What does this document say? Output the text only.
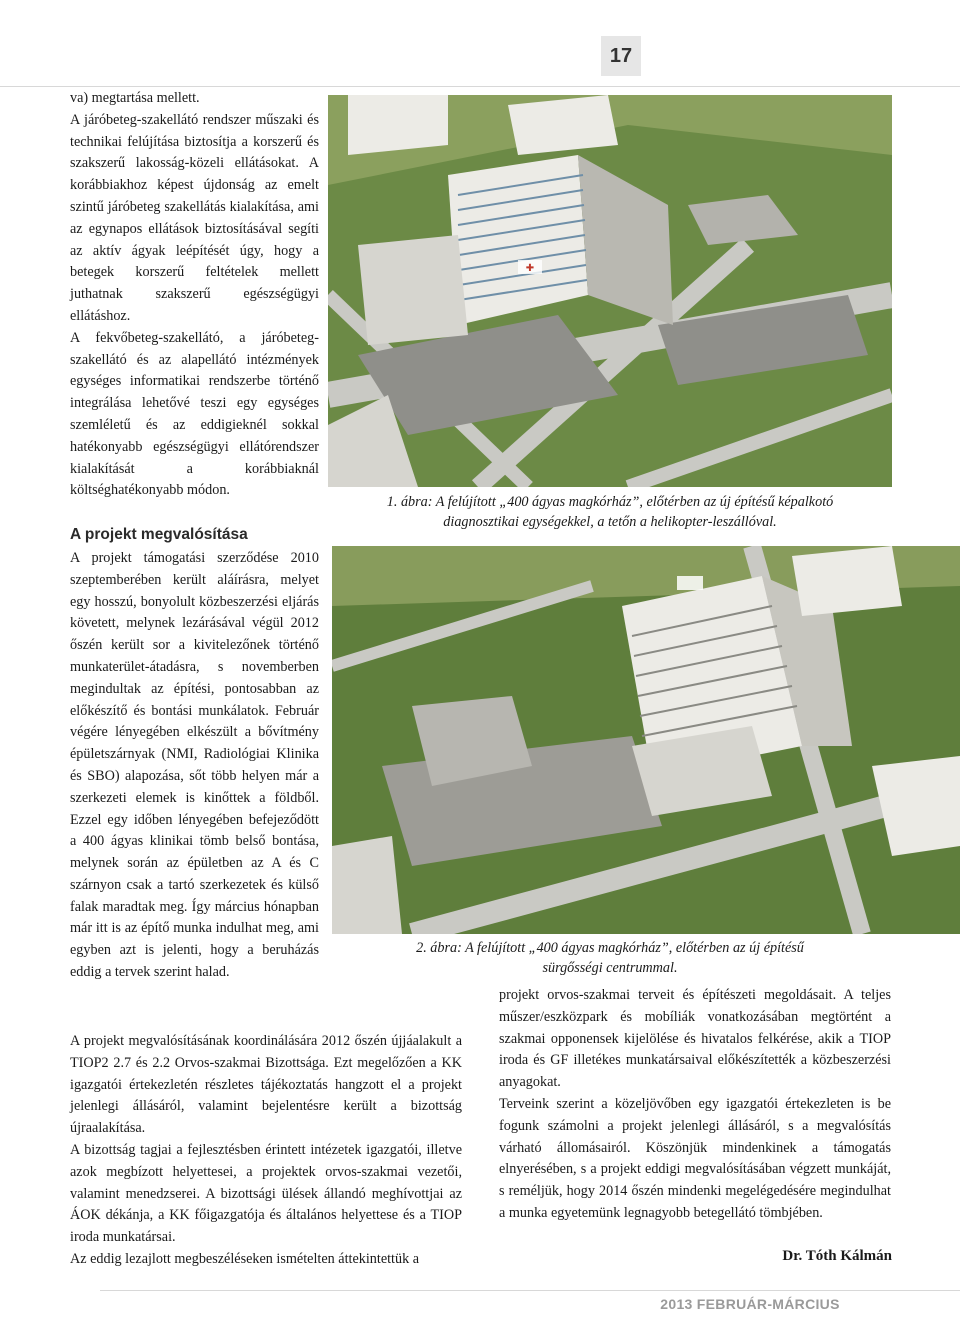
17

va) megtartása mellett.

A járóbeteg-szakellátó rendszer műszaki és technikai felújítása biztosítja a korszerű és szakszerű lakosság-közeli ellátásokat. A korábbiakhoz képest újdonság az emelt szintű járóbeteg szakellátás kialakítása, ami az egynapos ellátások biztosításával segíti az aktív ágyak leépítését úgy, hogy a betegek korszerű feltételek mellett juthatnak szakszerű egészségügyi ellátáshoz.

A fekvőbeteg-szakellátó, a járóbeteg-szakellátó és az alapellátó intézmények egységes informatikai rendszerbe történő integrálása lehetővé teszi egy egységes szemléletű és az eddigieknél sokkal hatékonyabb egészségügyi ellátórendszer kialakítását a korábbiaknál költséghatékonyabb módon.

A projekt megvalósítása

A projekt támogatási szerződése 2010 szeptemberében került aláírásra, melyet egy hosszú, bonyolult közbeszerzési eljárás követett, melynek lezárásával végül 2012 őszén került sor a kivitelezőnek történő munkaterület-átadásra, s novemberben megindultak az építési, pontosabban az előkészítő és bontási munkálatok. Február végére lényegében elkészült a bővítmény épületszárnyak (NMI, Radiológiai Klinika és SBO) alapozása, sőt több helyen már a szerkezeti elemek is kinőttek a földből. Ezzel egy időben lényegében befejeződött a 400 ágyas klinikai tömb belső bontása, melynek során az épületben az A és C szárnyon csak a tartó szerkezetek és külső falak maradtak meg. Így március hónapban már itt is az építő munka indulhat meg, ami egyben azt is jelenti, hogy a beruházás eddig a tervek szerint halad.

✚
1. ábra: A felújított „400 ágyas magkórház”, előtérben az új építésű képalkotó
diagnosztikai egységekkel, a tetőn a helikopter-leszállóval.
2. ábra: A felújított „400 ágyas magkórház”, előtérben az új építésű
sürgősségi centrummal.

A projekt megvalósításának koordinálására 2012 őszén újjáalakult a TIOP2 2.7 és 2.2 Orvos-szakmai Bizottsága. Ezt megelőzően a KK igazgatói értekezletén részletes tájékoztatás hangzott el a projekt jelenlegi állásáról, valamint bejelentésre került a bizottság újraalakítása.

A bizottság tagjai a fejlesztésben érintett intézetek igazgatói, illetve azok megbízott helyettesei, a projektek orvos-szakmai vezetői, valamint menedzserei. A bizottsági ülések állandó meghívottjai az ÁOK dékánja, a KK főigazgatója és általános helyettese és a TIOP iroda munkatársai.

Az eddig lezajlott megbeszéléseken ismételten áttekintettük a

projekt orvos-szakmai terveit és építészeti megoldásait. A teljes műszer/eszközpark és mobíliák vonatkozásában megtörtént a szakmai opponensek kijelölése és hivatalos felkérése, akik a TIOP iroda és GF illetékes munkatársaival előkészítették a közbeszerzési anyagokat.

Terveink szerint a közeljövőben egy igazgatói értekezleten is be fogunk számolni a projekt jelenlegi állásáról, s a megvalósítás várható állomásairól. Köszönjük mindenkinek a támogatás elnyerésében, s a projekt eddigi megvalósításában végzett munkáját, s reméljük, hogy 2014 őszén mindenki megelégedésére megindulhat a munka egyetemünk legnagyobb betegellátó tömbjében.

Dr. Tóth Kálmán
2013 FEBRUÁR-MÁRCIUS
